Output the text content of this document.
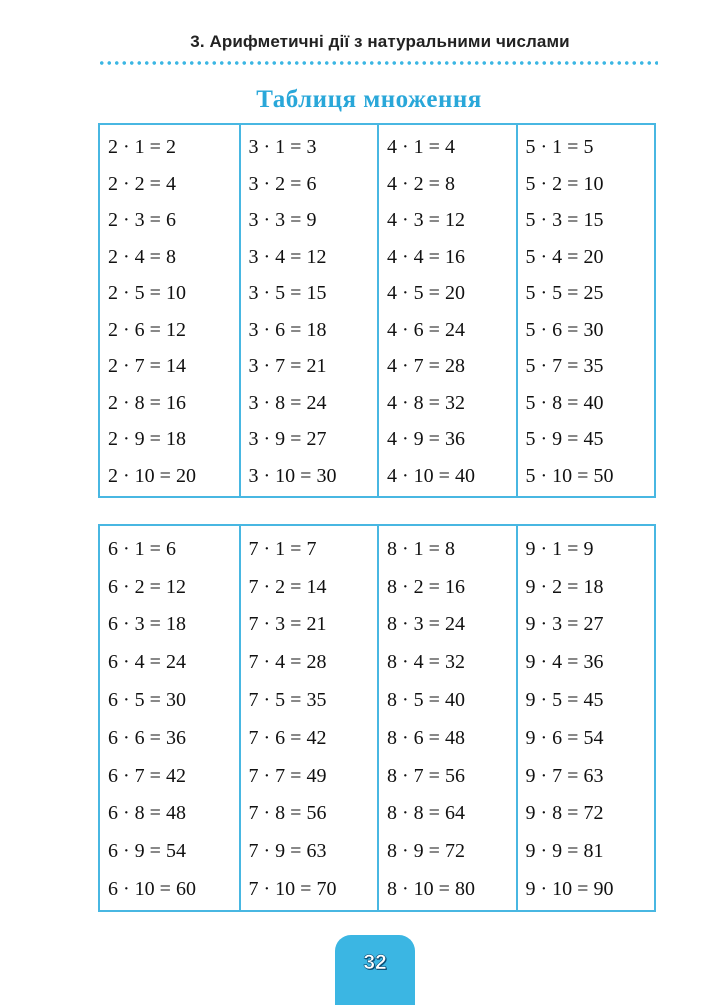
3. Арифметичні дії з натуральними числами
Таблиця множення
2 · 1 = 2
2 · 2 = 4
2 · 3 = 6
2 · 4 = 8
2 · 5 = 10
2 · 6 = 12
2 · 7 = 14
2 · 8 = 16
2 · 9 = 18
2 · 10 = 20
3 · 1 = 3
3 · 2 = 6
3 · 3 = 9
3 · 4 = 12
3 · 5 = 15
3 · 6 = 18
3 · 7 = 21
3 · 8 = 24
3 · 9 = 27
3 · 10 = 30
4 · 1 = 4
4 · 2 = 8
4 · 3 = 12
4 · 4 = 16
4 · 5 = 20
4 · 6 = 24
4 · 7 = 28
4 · 8 = 32
4 · 9 = 36
4 · 10 = 40
5 · 1 = 5
5 · 2 = 10
5 · 3 = 15
5 · 4 = 20
5 · 5 = 25
5 · 6 = 30
5 · 7 = 35
5 · 8 = 40
5 · 9 = 45
5 · 10 = 50
6 · 1 = 6
6 · 2 = 12
6 · 3 = 18
6 · 4 = 24
6 · 5 = 30
6 · 6 = 36
6 · 7 = 42
6 · 8 = 48
6 · 9 = 54
6 · 10 = 60
7 · 1 = 7
7 · 2 = 14
7 · 3 = 21
7 · 4 = 28
7 · 5 = 35
7 · 6 = 42
7 · 7 = 49
7 · 8 = 56
7 · 9 = 63
7 · 10 = 70
8 · 1 = 8
8 · 2 = 16
8 · 3 = 24
8 · 4 = 32
8 · 5 = 40
8 · 6 = 48
8 · 7 = 56
8 · 8 = 64
8 · 9 = 72
8 · 10 = 80
9 · 1 = 9
9 · 2 = 18
9 · 3 = 27
9 · 4 = 36
9 · 5 = 45
9 · 6 = 54
9 · 7 = 63
9 · 8 = 72
9 · 9 = 81
9 · 10 = 90
32
